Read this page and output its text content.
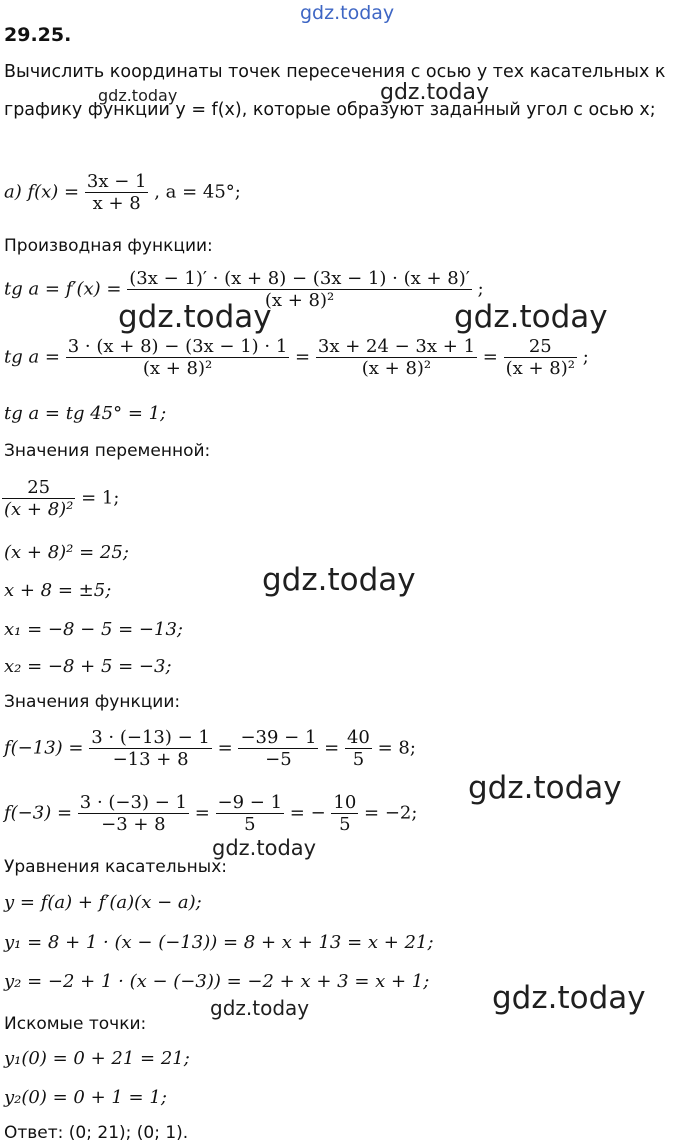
gdz.today
gdz.today	gdz.today
gdz.today	gdz.today
gdz.today
gdz.today
gdz.today
gdz.today
gdz.today
29.25.
Вычислить координаты точек пересечения с осью y тех касательных к
графику функции y = f(x), которые образуют заданный угол с осью x;
а) $f(x) = \frac{3x - 1}{x + 8}$ , a = 45°;
Производная функции:
tg $a = f'(x) = \frac{(3x - 1)' \cdot (x + 8) - (3x - 1) \cdot (x + 8)'}{\text{(x + 8)²}}$ ;
tg $a = \frac{3 \cdot (x + 8) - (3x - 1) \cdot 1}{\text{(x + 8)²}} = \frac{3x + 24 - 3x + 1}{\text{(x + 8)²}} = \frac{25}{\text{(x + 8)²}}$ ;
tg a = tg 45° = 1;
Значения переменной:
$\frac{25}{\text{(x + 8)²}} = 1$;
(x + 8)² = 25;
x + 8 = ±5;
x₁ = −8 − 5 = −13;
x₂ = −8 + 5 = −3;
Значения функции:
$f(-13) = \frac{3 \cdot (-13) - 1}{-13 + 8} = \frac{-39 - 1}{-5} = \frac{40}{5} = 8$;
$f(-3) = \frac{3 \cdot (-3) - 1}{-3 + 8} = \frac{-9 - 1}{5}$ = − $\frac{10}{5} = -2$;
Уравнения касательных:
y = f(a) + f′(a)(x − a);
y₁ = 8 + 1 · (x − (−13)) = 8 + x + 13 = x + 21;
y₂ = −2 + 1 · (x − (−3)) = −2 + x + 3 = x + 1;
Искомые точки:
y₁(0) = 0 + 21 = 21;
y₂(0) = 0 + 1 = 1;
Ответ: (0; 21); (0; 1).
